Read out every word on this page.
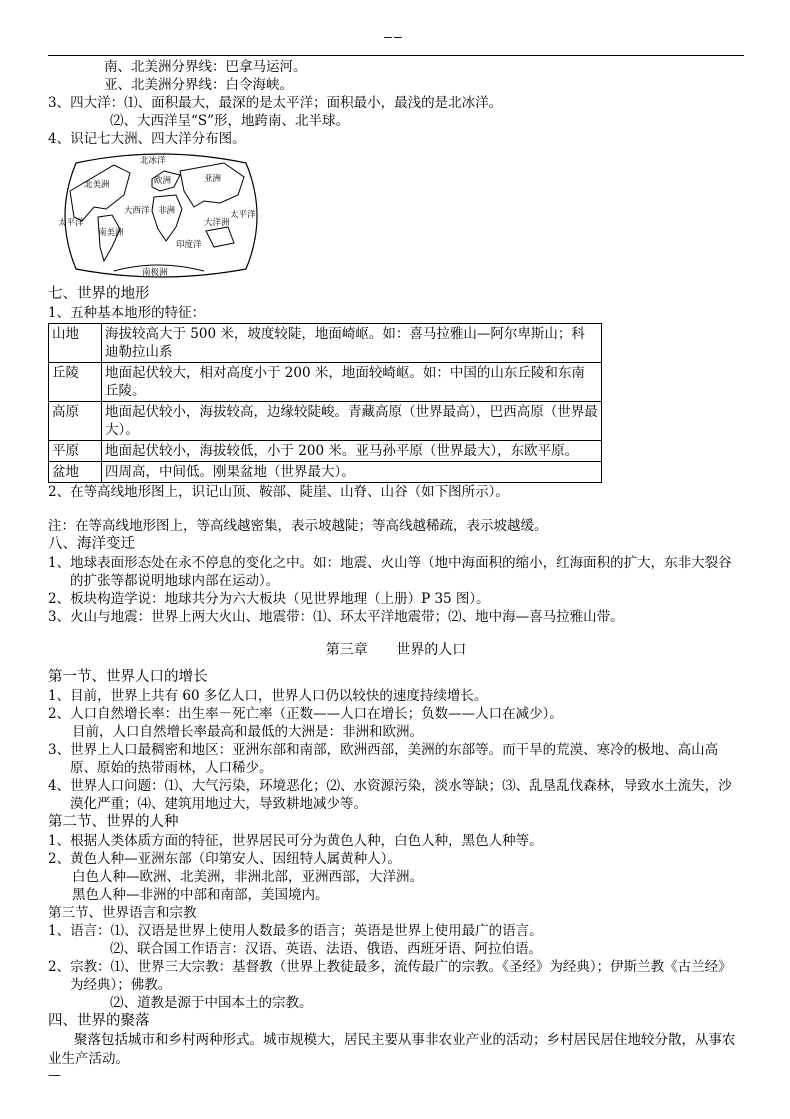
——
南、北美洲分界线：巴拿马运河。
亚、北美洲分界线：白令海峡。
3、四大洋：⑴、面积最大，最深的是太平洋；面积最小，最浅的是北冰洋。
⑵、大西洋呈“S”形，地跨南、北半球。
4、识记七大洲、四大洋分布图。
北美洲
南美洲
欧洲	亚洲
非洲
大洋洲
大西洋
太平洋
太平洋
印度洋
北冰洋
南极洲
七、世界的地形
1、五种基本地形的特征：
山地	海拔较高大于 500 米，坡度较陡，地面崎岖。如：喜马拉雅山—阿尔卑斯山；科迪勒拉山系
丘陵	地面起伏较大，相对高度小于 200 米，地面较崎岖。如：中国的山东丘陵和东南丘陵。
高原	地面起伏较小，海拔较高，边缘较陡峻。青藏高原（世界最高），巴西高原（世界最大）。
平原	地面起伏较小，海拔较低，小于 200 米。亚马孙平原（世界最大），东欧平原。
盆地	四周高，中间低。刚果盆地（世界最大）。
2、在等高线地形图上，识记山顶、鞍部、陡崖、山脊、山谷（如下图所示）。
注：在等高线地形图上，等高线越密集，表示坡越陡；等高线越稀疏，表示坡越缓。
八、海洋变迁
1、地球表面形态处在永不停息的变化之中。如：地震、火山等（地中海面积的缩小，红海面积的扩大，东非大裂谷的扩张等都说明地球内部在运动）。
2、板块构造学说：地球共分为六大板块（见世界地理（上册）P 35 图）。
3、火山与地震：世界上两大火山、地震带：⑴、环太平洋地震带；⑵、地中海—喜马拉雅山带。
第三章 世界的人口
第一节、世界人口的增长
1、目前，世界上共有 60 多亿人口，世界人口仍以较快的速度持续增长。
2、人口自然增长率：出生率－死亡率（正数——人口在增长；负数——人口在减少）。
目前，人口自然增长率最高和最低的大洲是：非洲和欧洲。
3、世界上人口最稠密和地区：亚洲东部和南部，欧洲西部，美洲的东部等。而干旱的荒漠、寒冷的极地、高山高原、原始的热带雨林，人口稀少。
4、世界人口问题：⑴、大气污染，环境恶化；⑵、水资源污染，淡水等缺；⑶、乱垦乱伐森林，导致水土流失，沙漠化严重；⑷、建筑用地过大，导致耕地减少等。
第二节、世界的人种
1、根据人类体质方面的特征，世界居民可分为黄色人种，白色人种，黑色人种等。
2、黄色人种—亚洲东部（印第安人、因纽特人属黄种人）。
白色人种—欧洲、北美洲，非洲北部，亚洲西部，大洋洲。
黑色人种—非洲的中部和南部，美国境内。
第三节、世界语言和宗教
1、语言：⑴、汉语是世界上使用人数最多的语言；英语是世界上使用最广的语言。
⑵、联合国工作语言：汉语、英语、法语、俄语、西班牙语、阿拉伯语。
2、宗教：⑴、世界三大宗教：基督教（世界上教徒最多，流传最广的宗教。《圣经》为经典）；伊斯兰教《古兰经》为经典）；佛教。
⑵、道教是源于中国本土的宗教。
四、世界的聚落
聚落包括城市和乡村两种形式。城市规模大，居民主要从事非农业产业的活动；乡村居民居住地较分散，从事农业生产活动。
—
